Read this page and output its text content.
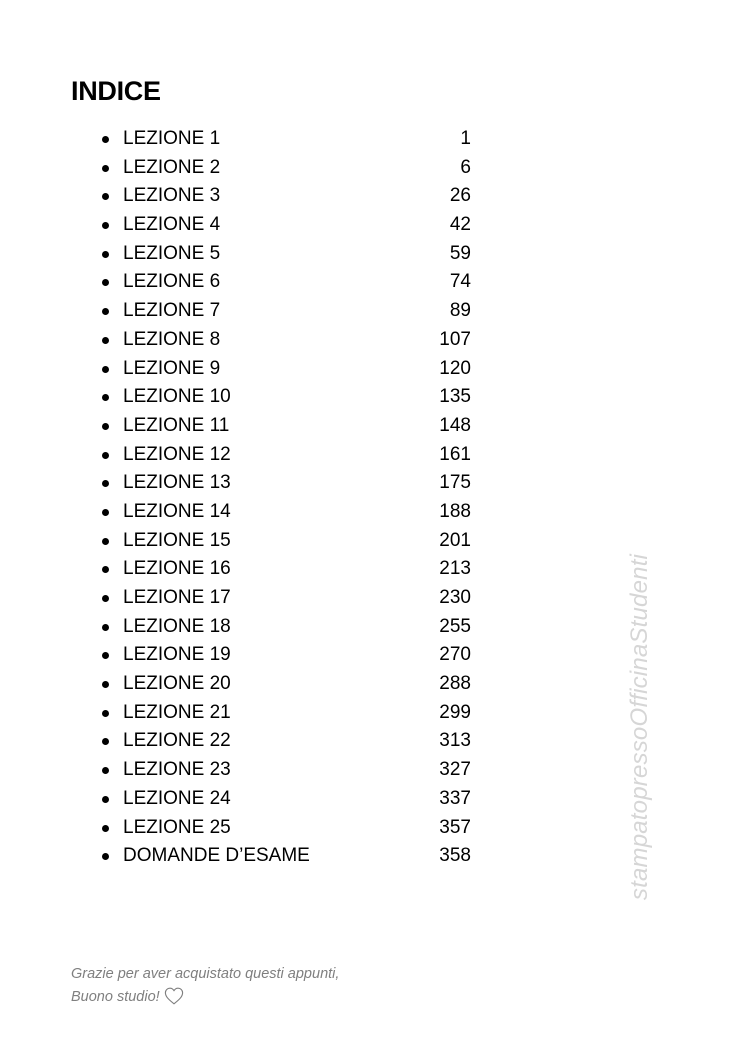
INDICE
LEZIONE 1	1
LEZIONE 2	6
LEZIONE 3	26
LEZIONE 4	42
LEZIONE 5	59
LEZIONE 6	74
LEZIONE 7	89
LEZIONE 8	107
LEZIONE 9	120
LEZIONE 10	135
LEZIONE 11	148
LEZIONE 12	161
LEZIONE 13	175
LEZIONE 14	188
LEZIONE 15	201
LEZIONE 16	213
LEZIONE 17	230
LEZIONE 18	255
LEZIONE 19	270
LEZIONE 20	288
LEZIONE 21	299
LEZIONE 22	313
LEZIONE 23	327
LEZIONE 24	337
LEZIONE 25	357
DOMANDE D’ESAME	358
Grazie per aver acquistato questi appunti,
Buono studio!
stampatopressoOfficinaStudenti
